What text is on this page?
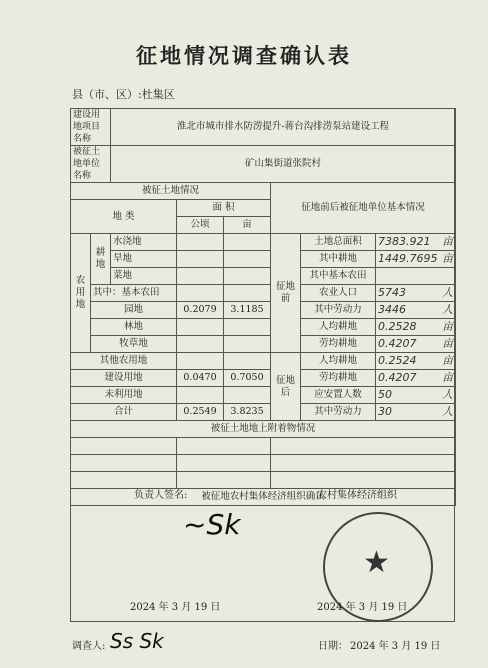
征地情况调查确认表
县（市、区）:杜集区
建设用地项目名称		淮北市城市排水防涝提升-蒋台沟排涝泵站建设工程					
被征土地单位名称		矿山集街道张院村					
被征土地情况					征地前后被征地单位基本情况		
地 类			面 积				
			公顷	亩			
农用地	耕地	水浇地			征地前	土地总面积	7383.921 亩

		旱地				其中耕地	1449.7695 亩

		菜地				其中基本农田	

	其中：基本农田					农业人口	5743 人

	园地		0.2079	3.1185		其中劳动力	3446 人

	林地					人均耕地	0.2528 亩

	牧草地					劳均耕地	0.4207 亩

其他农用地					征地后	人均耕地	0.2524 亩

建设用地			0.0470	0.7050		劳均耕地	0.4207 亩

未利用地						应安置人数	50 人

合计			0.2549	3.8235		其中劳动力	30 人

被征土地地上附着物情况							

被征地农村集体经济组织确认							
负责人签名:
~Sk
2024 年 3 月 19 日
农村集体经济组织
★
2024 年 3 月 19 日
调查人: Ss Sk	日期： 2024 年 3 月 19 日
